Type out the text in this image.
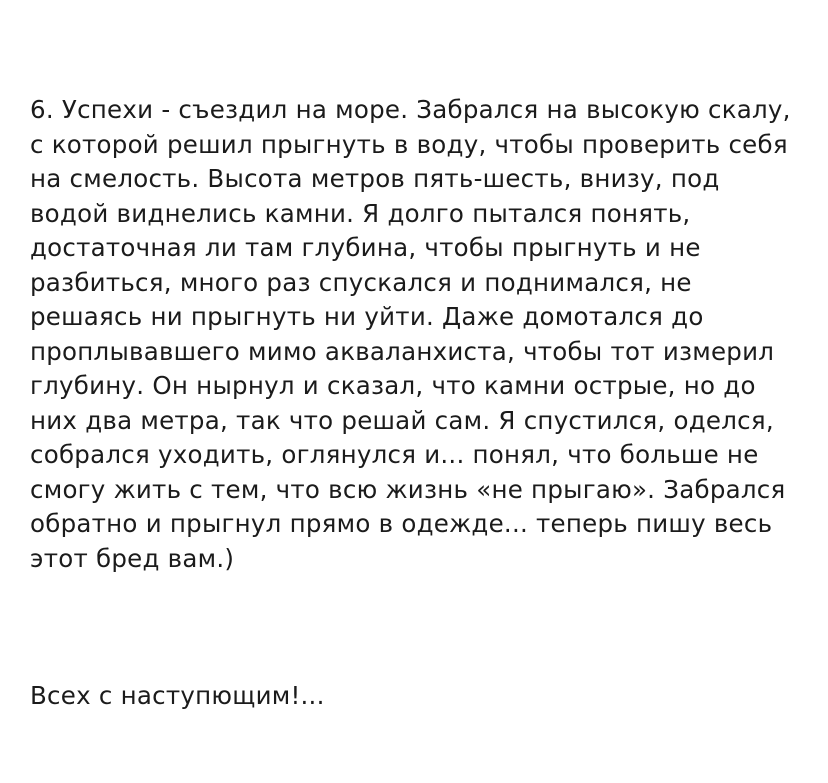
6. Успехи - съездил на море. Забрался на высокую скалу, с которой решил прыгнуть в воду, чтобы проверить себя на смелость. Высота метров пять-шесть, внизу, под водой виднелись камни. Я долго пытался понять, достаточная ли там глубина, чтобы прыгнуть и не разбиться, много раз спускался и поднимался, не решаясь ни прыгнуть ни уйти. Даже домотался до проплывавшего мимо акваланхиста, чтобы тот измерил глубину. Он нырнул и сказал, что камни острые, но до них два метра, так что решай сам. Я спустился, оделся, собрался уходить, оглянулся и... понял, что больше не смогу жить с тем, что всю жизнь «не прыгаю». Забрался обратно и прыгнул прямо в одежде... теперь пишу весь этот бред вам.)

Всех с наступющим!...
